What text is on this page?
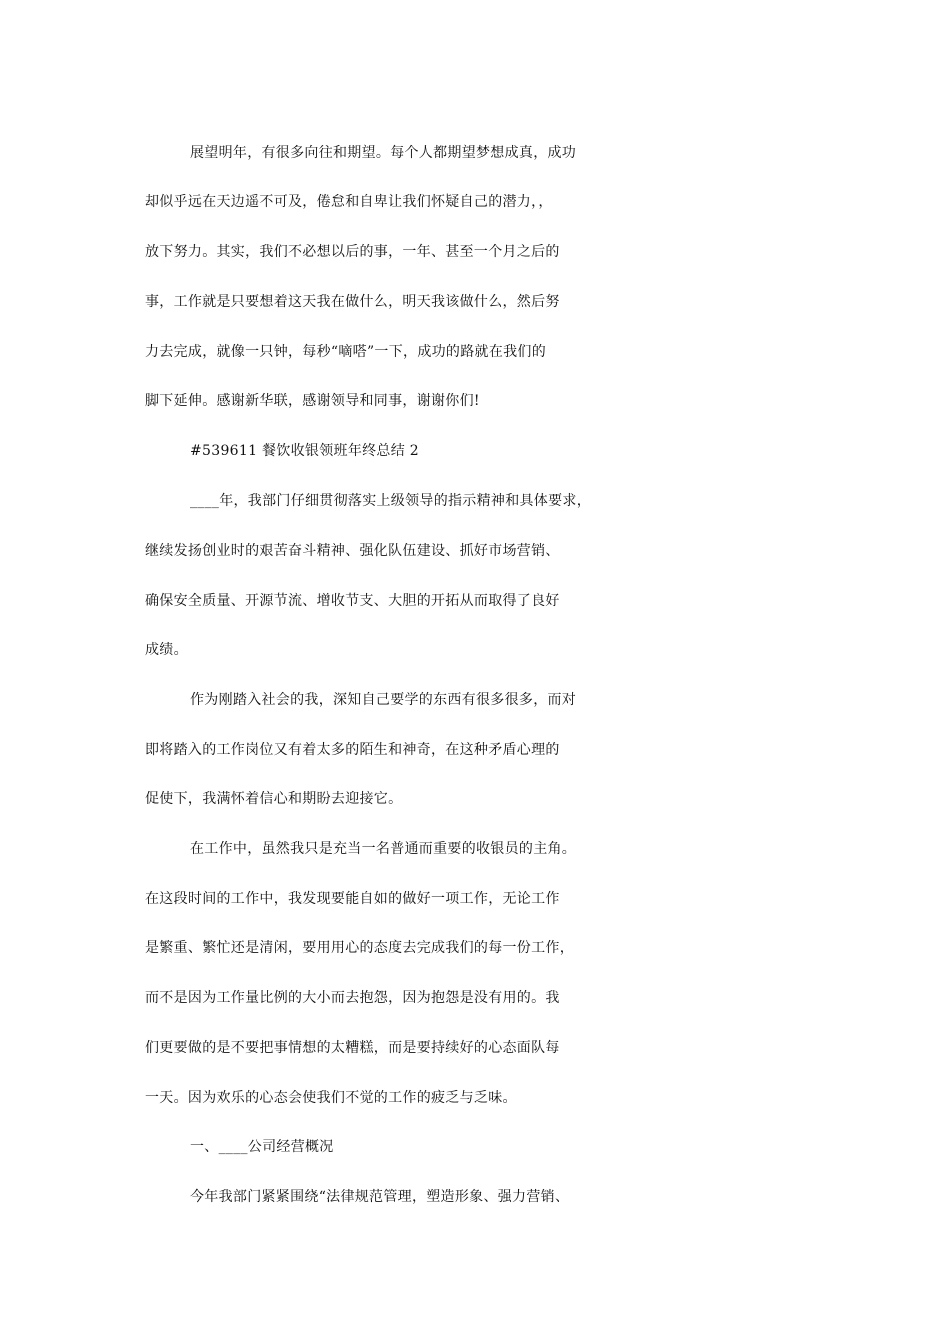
展望明年，有很多向往和期望。每个人都期望梦想成真，成功
却似乎远在天边遥不可及，倦怠和自卑让我们怀疑自己的潜力，，
放下努力。其实，我们不必想以后的事，一年、甚至一个月之后的
事，工作就是只要想着这天我在做什么，明天我该做什么，然后努
力去完成，就像一只钟，每秒“嘀嗒”一下，成功的路就在我们的
脚下延伸。感谢新华联，感谢领导和同事，谢谢你们!
#539611 餐饮收银领班年终总结 2
____年，我部门仔细贯彻落实上级领导的指示精神和具体要求，
继续发扬创业时的艰苦奋斗精神、强化队伍建设、抓好市场营销、
确保安全质量、开源节流、增收节支、大胆的开拓从而取得了良好
成绩。
作为刚踏入社会的我，深知自己要学的东西有很多很多，而对
即将踏入的工作岗位又有着太多的陌生和神奇，在这种矛盾心理的
促使下，我满怀着信心和期盼去迎接它。
在工作中，虽然我只是充当一名普通而重要的收银员的主角。
在这段时间的工作中，我发现要能自如的做好一项工作，无论工作
是繁重、繁忙还是清闲，要用用心的态度去完成我们的每一份工作，
而不是因为工作量比例的大小而去抱怨，因为抱怨是没有用的。我
们更要做的是不要把事情想的太糟糕，而是要持续好的心态面队每
一天。因为欢乐的心态会使我们不觉的工作的疲乏与乏味。
一、____公司经营概况
今年我部门紧紧围绕“法律规范管理，塑造形象、强力营销、
